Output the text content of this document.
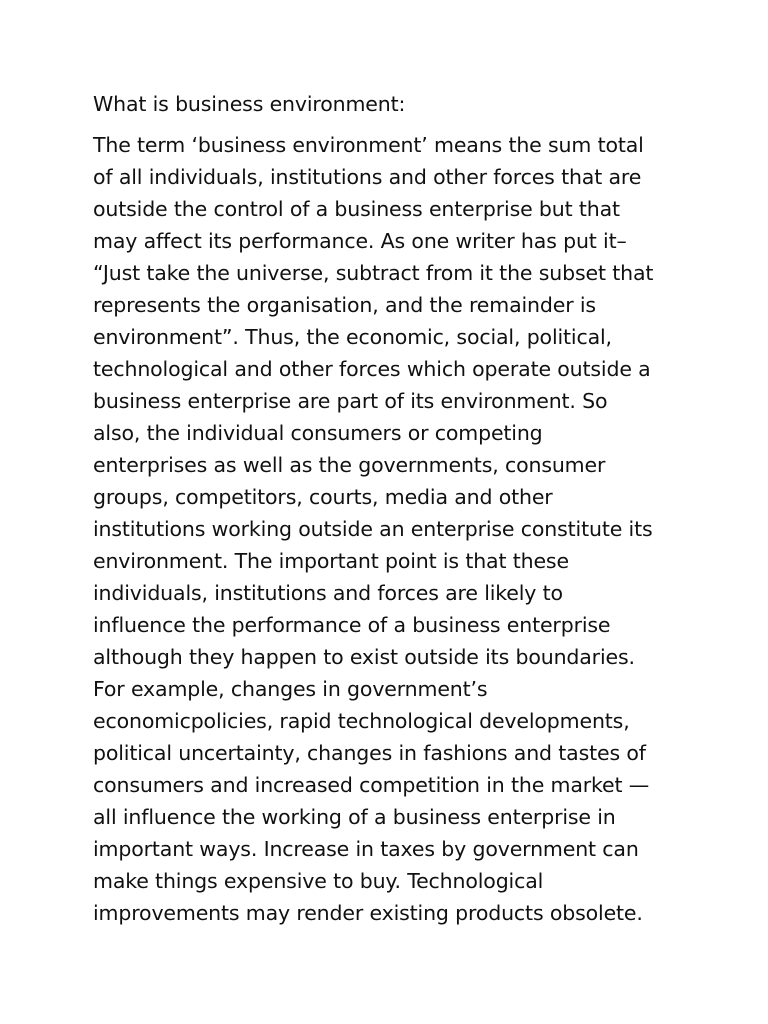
What is business environment:
The term ‘business environment’ means the sum total
of all individuals, institutions and other forces that are
outside the control of a business enterprise but that
may affect its performance. As one writer has put it–
“Just take the universe, subtract from it the subset that
represents the organisation, and the remainder is
environment”. Thus, the economic, social, political,
technological and other forces which operate outside a
business enterprise are part of its environment. So
also, the individual consumers or competing
enterprises as well as the governments, consumer
groups, competitors, courts, media and other
institutions working outside an enterprise constitute its
environment. The important point is that these
individuals, institutions and forces are likely to
influence the performance of a business enterprise
although they happen to exist outside its boundaries.
For example, changes in government’s
economicpolicies, rapid technological developments,
political uncertainty, changes in fashions and tastes of
consumers and increased competition in the market —
all influence the working of a business enterprise in
important ways. Increase in taxes by government can
make things expensive to buy. Technological
improvements may render existing products obsolete.
